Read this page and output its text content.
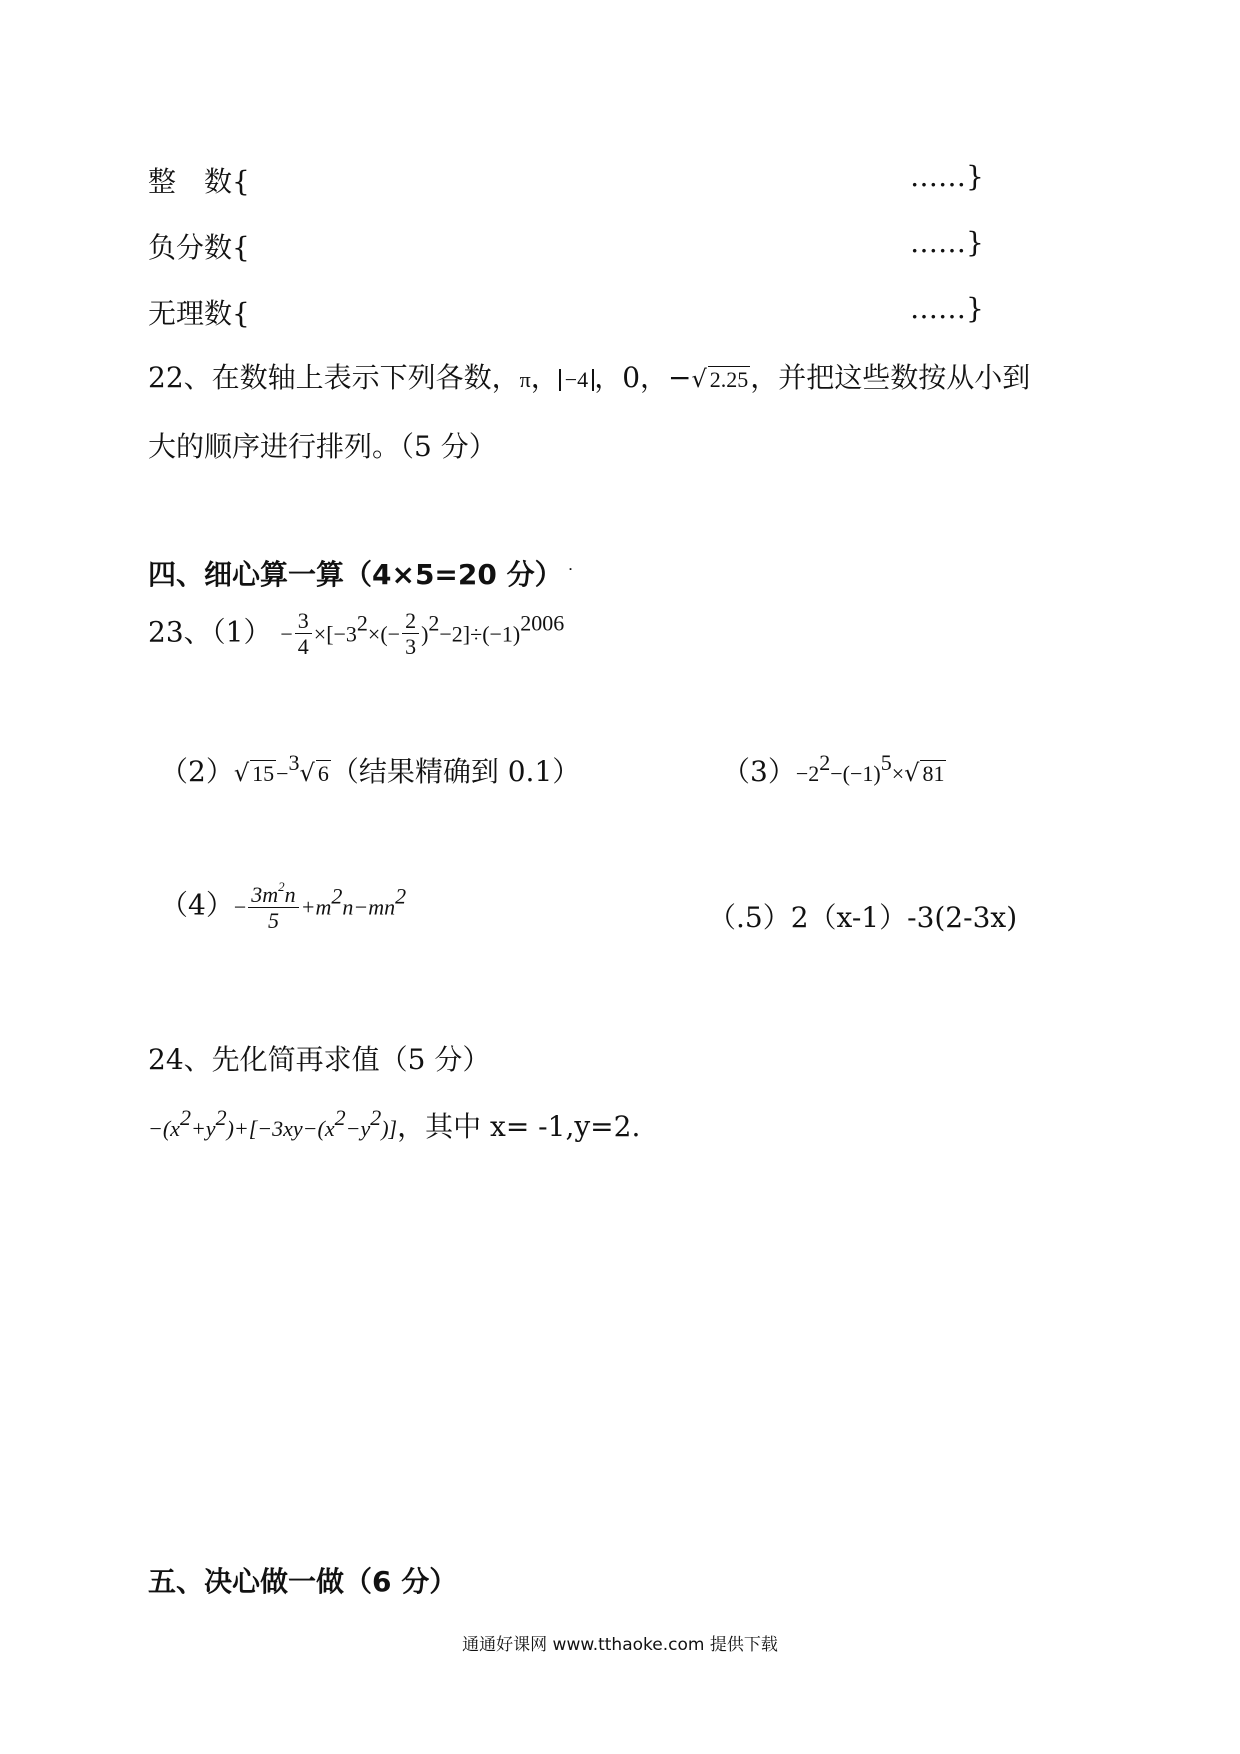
整　数{	……}
负分数{	……}
无理数{	……}
22、在数轴上表示下列各数，π， −4 ，0，−√ 2.25，并把这些数按从小到
大的顺序进行排列。（5 分）
四、细心算一算（4×5=20 分） .
23、$(1) - \frac{3}{4} \times[-3^2\times(- \frac{2}{3} )^2-2]\div(-1)^{2006}$
（2）√ 15−$^3$√ 6（结果精确到 0.1）	$(3)-2^2-(-1)^5\times√$ 81
$(4)- \frac{3m^2n}{5} +m^2n-mn^2$
（.5）2（x-1）-3(2-3x)
24、先化简再求值（5 分）
$-(x^2+y^2)+[-3xy-(x^2-y^2)]$，其中 x= -1,y=2.
五、决心做一做（6 分）
通通好课网 www.tthaoke.com 提供下载
